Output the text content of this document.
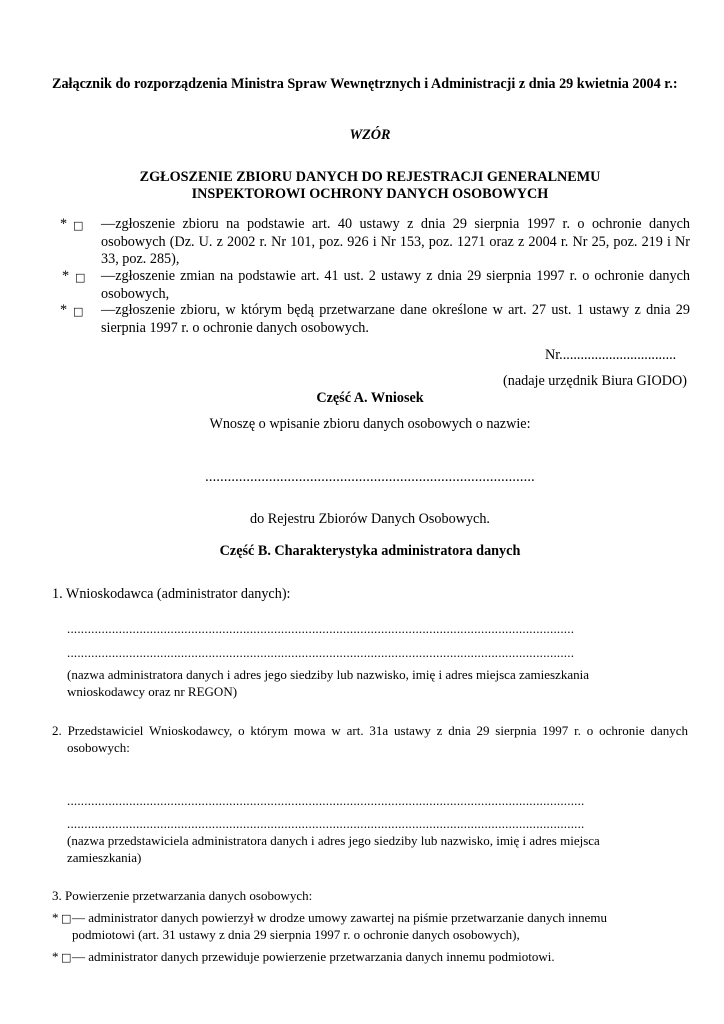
Załącznik do rozporządzenia Ministra Spraw Wewnętrznych i Administracji z dnia 29 kwietnia 2004 r.:
WZÓR
ZGŁOSZENIE ZBIORU DANYCH DO REJESTRACJI GENERALNEMU
INSPEKTOROWI OCHRONY DANYCH OSOBOWYCH
* □ —zgłoszenie zbioru na podstawie art. 40 ustawy z dnia 29 sierpnia 1997 r. o ochronie danych osobowych (Dz. U. z 2002 r. Nr 101, poz. 926 i Nr 153, poz. 1271 oraz z 2004 r. Nr 25, poz. 219 i Nr 33, poz. 285),
* □ —zgłoszenie zmian na podstawie art. 41 ust. 2 ustawy z dnia 29 sierpnia 1997 r. o ochronie danych osobowych,
* □ —zgłoszenie zbioru, w którym będą przetwarzane dane określone w art. 27 ust. 1 ustawy z dnia 29 sierpnia 1997 r. o ochronie danych osobowych.
Nr.................................
(nadaje urzędnik Biura GIODO)
Część A. Wniosek
Wnoszę o wpisanie zbioru danych osobowych o nazwie:
........................................................................................
do Rejestru Zbiorów Danych Osobowych.
Część B. Charakterystyka administratora danych
1. Wnioskodawca (administrator danych):
...................................................................................................................................................
...................................................................................................................................................
(nazwa administratora danych i adres jego siedziby lub nazwisko, imię i adres miejsca zamieszkania wnioskodawcy oraz nr REGON)
2. Przedstawiciel Wnioskodawcy, o którym mowa w art. 31a ustawy z dnia 29 sierpnia 1997 r. o ochronie danych osobowych:
......................................................................................................................................................
......................................................................................................................................................
(nazwa przedstawiciela administratora danych i adres jego siedziby lub nazwisko, imię i adres miejsca zamieszkania)
3. Powierzenie przetwarzania danych osobowych:
* □ — administrator danych powierzył w drodze umowy zawartej na piśmie przetwarzanie danych innemu podmiotowi (art. 31 ustawy z dnia 29 sierpnia 1997 r. o ochronie danych osobowych),
* □ — administrator danych przewiduje powierzenie przetwarzania danych innemu podmiotowi.
